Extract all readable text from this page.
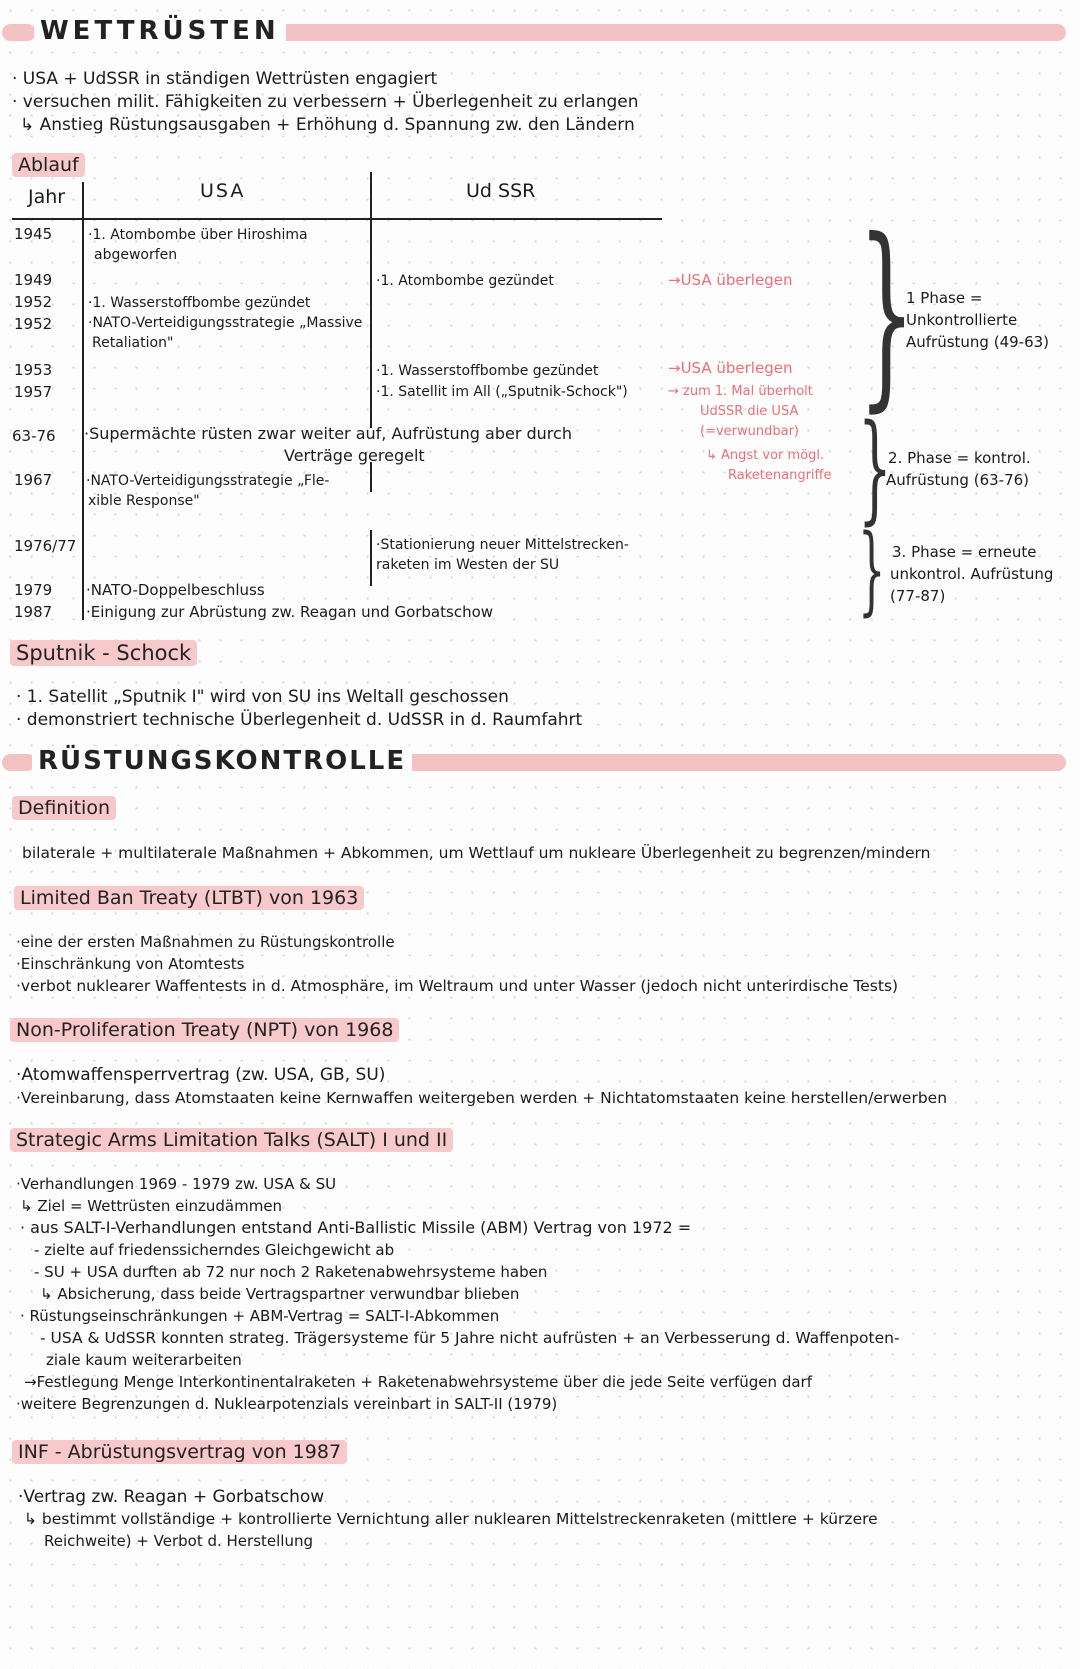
WETTRÜSTEN
· USA + UdSSR in ständigen Wettrüsten engagiert
· versuchen milit. Fähigkeiten zu verbessern + Überlegenheit zu erlangen
↳ Anstieg Rüstungsausgaben + Erhöhung d. Spannung zw. den Ländern
Ablauf
Jahr	USA	Ud SSR
1945
1949
1952
1952
1953
1957
63-76
1967
1976/77
1979
1987
·1. Atombombe über Hiroshima
abgeworfen
·1. Wasserstoffbombe gezündet
·NATO-Verteidigungsstrategie „Massive
Retaliation"
·Supermächte rüsten zwar weiter auf, Aufrüstung aber durch
Verträge geregelt
·NATO-Verteidigungsstrategie „Fle-
xible Response"
·NATO-Doppelbeschluss
·Einigung zur Abrüstung zw. Reagan und Gorbatschow
·1. Atombombe gezündet
·1. Wasserstoffbombe gezündet
·1. Satellit im All („Sputnik-Schock")
·Stationierung neuer Mittelstrecken-
raketen im Westen der SU
→USA überlegen
→USA überlegen
→ zum 1. Mal überholt
UdSSR die USA
(=verwundbar)
↳ Angst vor mögl.
Raketenangriffe
}
}
}
1 Phase =
Unkontrollierte
Aufrüstung (49-63)
2. Phase = kontrol.
Aufrüstung (63-76)
3. Phase = erneute
unkontrol. Aufrüstung
(77-87)
Sputnik - Schock
· 1. Satellit „Sputnik I" wird von SU ins Weltall geschossen
· demonstriert technische Überlegenheit d. UdSSR in d. Raumfahrt
RÜSTUNGSKONTROLLE
Definition
bilaterale + multilaterale Maßnahmen + Abkommen, um Wettlauf um nukleare Überlegenheit zu begrenzen/mindern
Limited Ban Treaty (LTBT) von 1963
·eine der ersten Maßnahmen zu Rüstungskontrolle
·Einschränkung von Atomtests
·verbot nuklearer Waffentests in d. Atmosphäre, im Weltraum und unter Wasser (jedoch nicht unterirdische Tests)
Non-Proliferation Treaty (NPT) von 1968
·Atomwaffensperrvertrag (zw. USA, GB, SU)
·Vereinbarung, dass Atomstaaten keine Kernwaffen weitergeben werden + Nichtatomstaaten keine herstellen/erwerben
Strategic Arms Limitation Talks (SALT) I und II
·Verhandlungen 1969 - 1979 zw. USA & SU
↳ Ziel = Wettrüsten einzudämmen
· aus SALT-I-Verhandlungen entstand Anti-Ballistic Missile (ABM) Vertrag von 1972 =
- zielte auf friedenssicherndes Gleichgewicht ab
- SU + USA durften ab 72 nur noch 2 Raketenabwehrsysteme haben
↳ Absicherung, dass beide Vertragspartner verwundbar blieben
· Rüstungseinschränkungen + ABM-Vertrag = SALT-I-Abkommen
- USA & UdSSR konnten strateg. Trägersysteme für 5 Jahre nicht aufrüsten + an Verbesserung d. Waffenpoten-
ziale kaum weiterarbeiten
→Festlegung Menge Interkontinentalraketen + Raketenabwehrsysteme über die jede Seite verfügen darf
·weitere Begrenzungen d. Nuklearpotenzials vereinbart in SALT-II (1979)
INF - Abrüstungsvertrag von 1987
·Vertrag zw. Reagan + Gorbatschow
↳ bestimmt vollständige + kontrollierte Vernichtung aller nuklearen Mittelstreckenraketen (mittlere + kürzere
Reichweite) + Verbot d. Herstellung
